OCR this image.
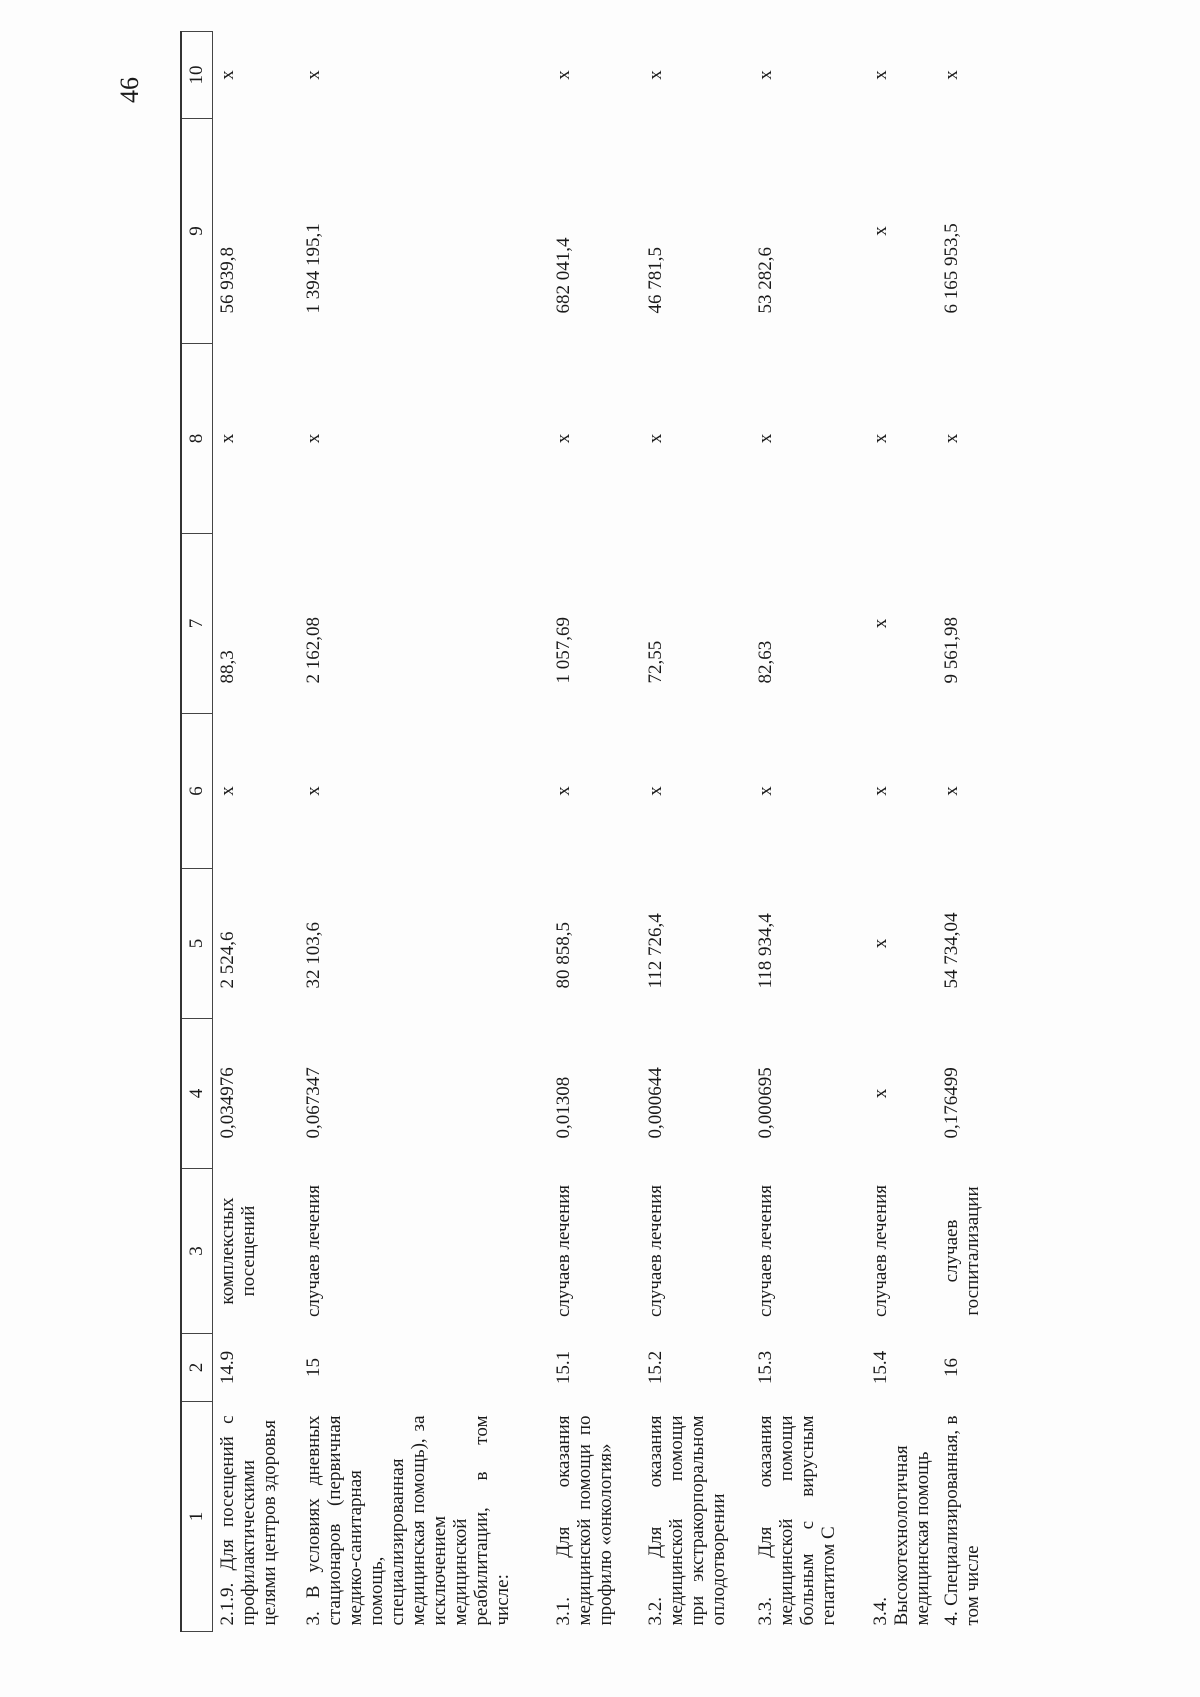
46
1	2	3	4	5	6	7	8	9	10
2.1.9. Для посещений с профилактическими целями центров здоровья	14.9	комплексных посещений	0,034976	2 524,6	x	88,3	x	56 939,8	x
3. В условиях дневных стационаров (первичная медико-санитарная помощь, специализированная медицинская помощь), за исключением медицинской реабилитации, в том числе:	15	случаев лечения	0,067347	32 103,6	x	2 162,08	x	1 394 195,1	x
3.1. Для оказания медицинской помощи по профилю «онкология»	15.1	случаев лечения	0,01308	80 858,5	x	1 057,69	x	682 041,4	x
3.2. Для оказания медицинской помощи при экстракорпоральном оплодотворении	15.2	случаев лечения	0,000644	112 726,4	x	72,55	x	46 781,5	x
3.3. Для оказания медицинской помощи больным с вирусным гепатитом С	15.3	случаев лечения	0,000695	118 934,4	x	82,63	x	53 282,6	x
3.4. Высокотехнологичная медицинская помощь	15.4	случаев лечения	x	x	x	x	x	x	x
4. Специализированная, в том числе	16	случаев госпитализации	0,176499	54 734,04	x	9 561,98	x	6 165 953,5	x
